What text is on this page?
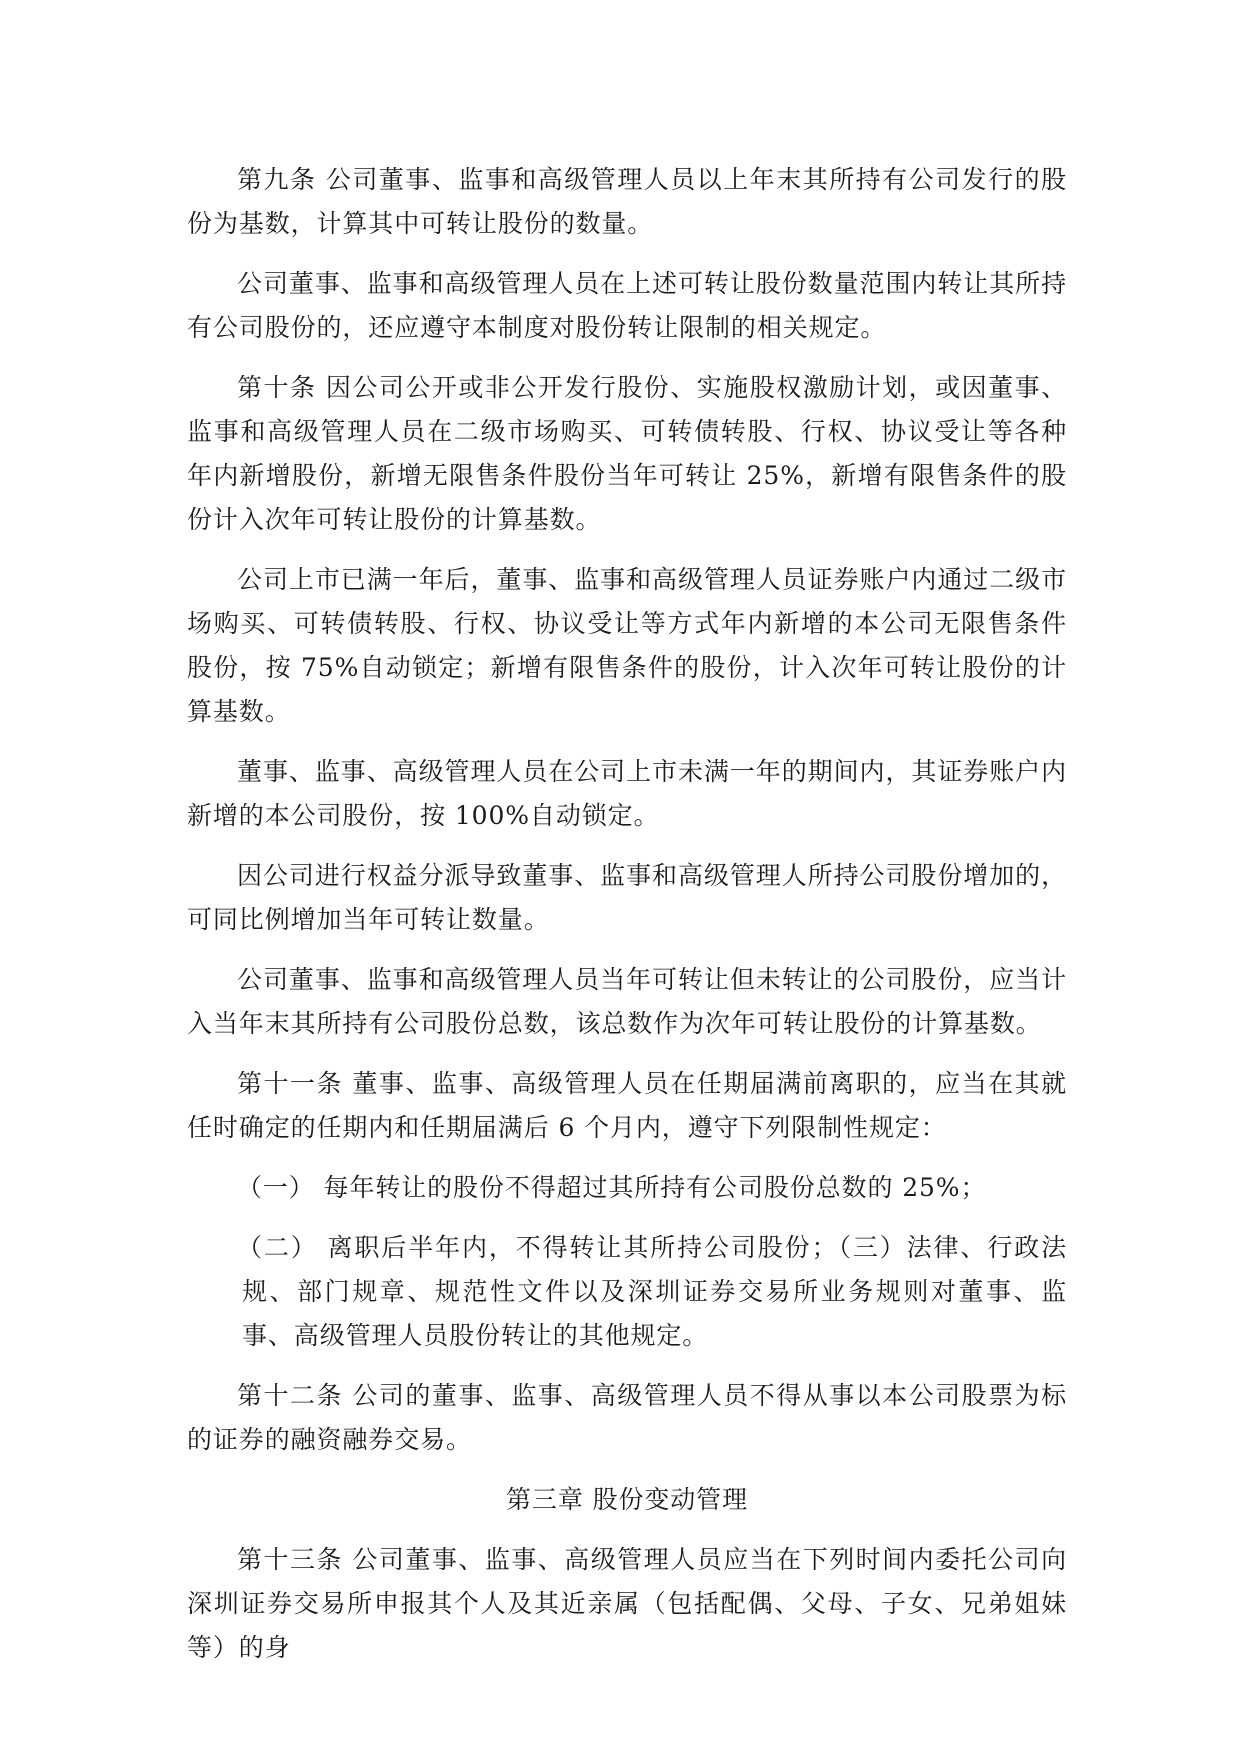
第九条 公司董事、监事和高级管理人员以上年末其所持有公司发行的股份为基数，计算其中可转让股份的数量。

公司董事、监事和高级管理人员在上述可转让股份数量范围内转让其所持有公司股份的，还应遵守本制度对股份转让限制的相关规定。

第十条 因公司公开或非公开发行股份、实施股权激励计划，或因董事、监事和高级管理人员在二级市场购买、可转债转股、行权、协议受让等各种年内新增股份，新增无限售条件股份当年可转让 25%，新增有限售条件的股份计入次年可转让股份的计算基数。

公司上市已满一年后，董事、监事和高级管理人员证券账户内通过二级市场购买、可转债转股、行权、协议受让等方式年内新增的本公司无限售条件股份，按 75%自动锁定；新增有限售条件的股份，计入次年可转让股份的计算基数。

董事、监事、高级管理人员在公司上市未满一年的期间内，其证券账户内新增的本公司股份，按 100%自动锁定。

因公司进行权益分派导致董事、监事和高级管理人所持公司股份增加的，可同比例增加当年可转让数量。

公司董事、监事和高级管理人员当年可转让但未转让的公司股份，应当计入当年末其所持有公司股份总数，该总数作为次年可转让股份的计算基数。

第十一条 董事、监事、高级管理人员在任期届满前离职的，应当在其就任时确定的任期内和任期届满后 6 个月内，遵守下列限制性规定：

（一） 每年转让的股份不得超过其所持有公司股份总数的 25%；

（二） 离职后半年内，不得转让其所持公司股份；（三）法律、行政法规、部门规章、规范性文件以及深圳证券交易所业务规则对董事、监事、高级管理人员股份转让的其他规定。

第十二条 公司的董事、监事、高级管理人员不得从事以本公司股票为标的证券的融资融券交易。

第三章 股份变动管理

第十三条 公司董事、监事、高级管理人员应当在下列时间内委托公司向深圳证券交易所申报其个人及其近亲属（包括配偶、父母、子女、兄弟姐妹等）的身
